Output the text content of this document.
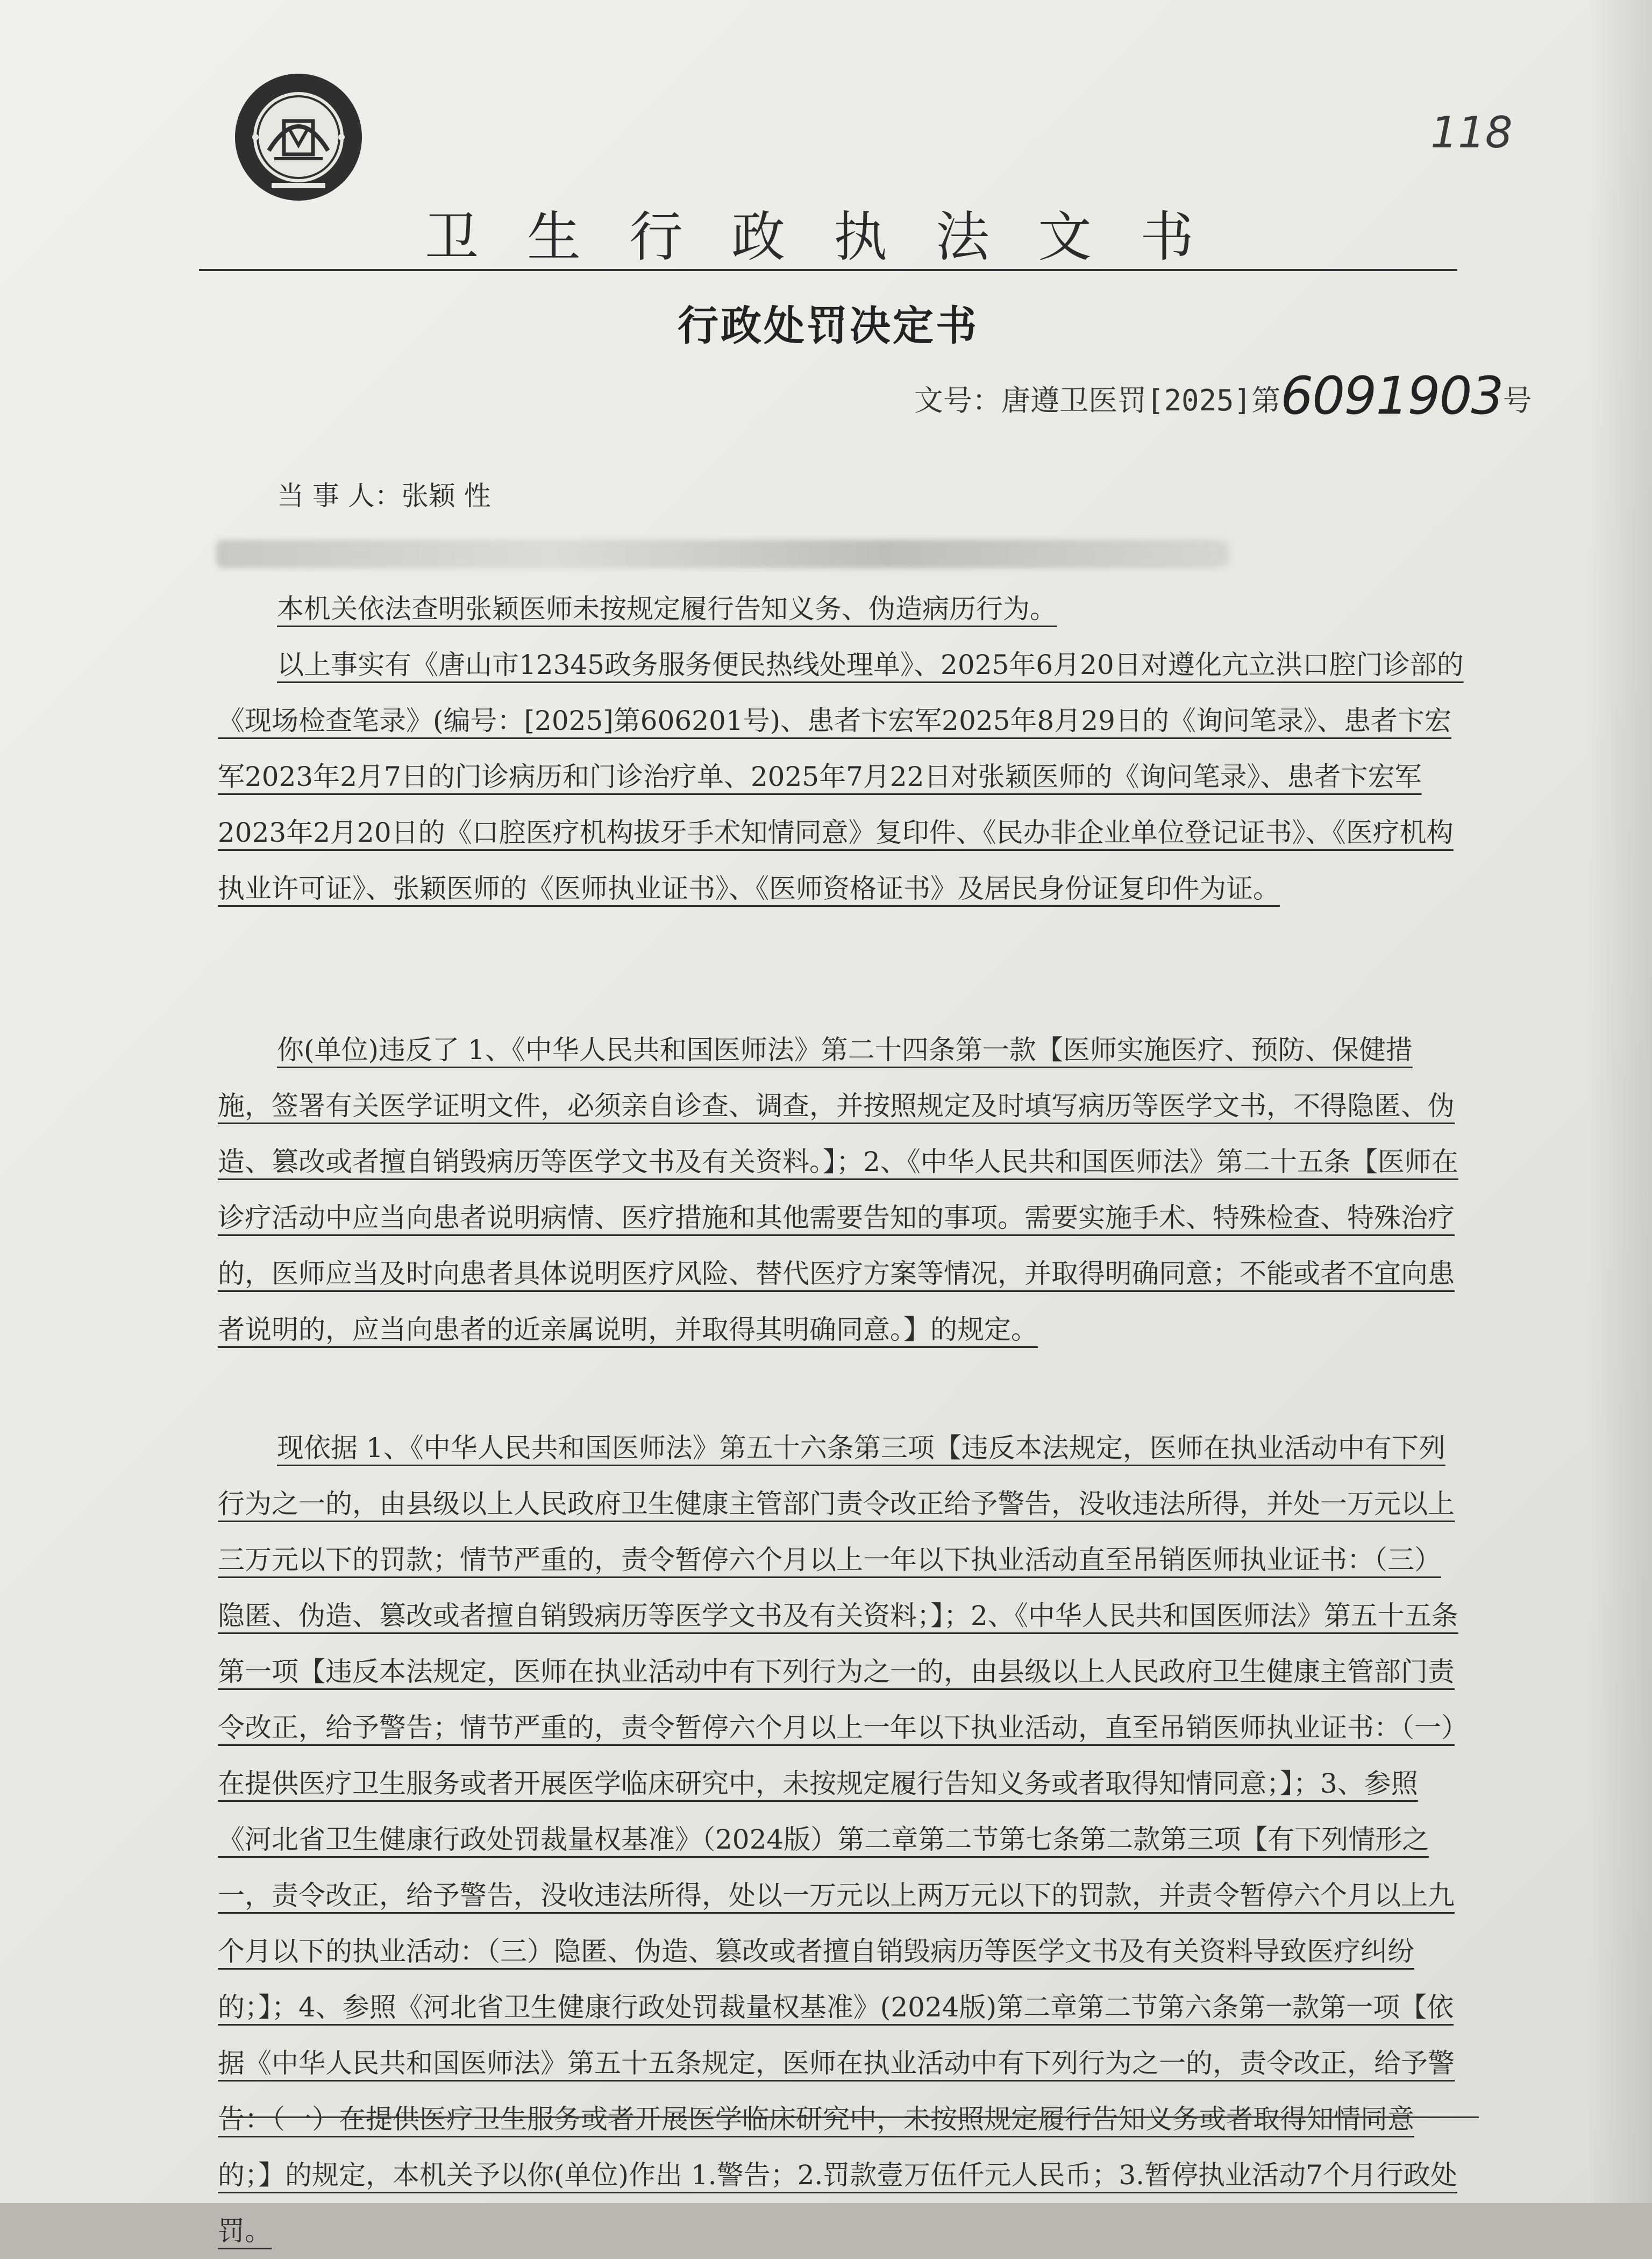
118
卫生行政执法文书
行政处罚决定书
文号：唐遵卫医罚[2025]第6091903号
当 事 人：张颖 性

本机关依法查明张颖医师未按规定履行告知义务、伪造病历行为。

以上事实有《唐山市12345政务服务便民热线处理单》、2025年6月20日对遵化亢立洪口腔门诊部的《现场检查笔录》(编号：[2025]第606201号)、患者卞宏军2025年8月29日的《询问笔录》、患者卞宏军2023年2月7日的门诊病历和门诊治疗单、2025年7月22日对张颖医师的《询问笔录》、患者卞宏军2023年2月20日的《口腔医疗机构拔牙手术知情同意》复印件、《民办非企业单位登记证书》、《医疗机构执业许可证》、张颖医师的《医师执业证书》、《医师资格证书》及居民身份证复印件为证。

你(单位)违反了 1、《中华人民共和国医师法》第二十四条第一款【医师实施医疗、预防、保健措施，签署有关医学证明文件，必须亲自诊查、调查，并按照规定及时填写病历等医学文书，不得隐匿、伪造、篡改或者擅自销毁病历等医学文书及有关资料。】；2、《中华人民共和国医师法》第二十五条【医师在诊疗活动中应当向患者说明病情、医疗措施和其他需要告知的事项。需要实施手术、特殊检查、特殊治疗的，医师应当及时向患者具体说明医疗风险、替代医疗方案等情况，并取得明确同意；不能或者不宜向患者说明的，应当向患者的近亲属说明，并取得其明确同意。】的规定。

现依据 1、《中华人民共和国医师法》第五十六条第三项【违反本法规定，医师在执业活动中有下列行为之一的，由县级以上人民政府卫生健康主管部门责令改正给予警告，没收违法所得，并处一万元以上三万元以下的罚款；情节严重的，责令暂停六个月以上一年以下执业活动直至吊销医师执业证书：（三）隐匿、伪造、篡改或者擅自销毁病历等医学文书及有关资料；】；2、《中华人民共和国医师法》第五十五条第一项【违反本法规定，医师在执业活动中有下列行为之一的，由县级以上人民政府卫生健康主管部门责令改正，给予警告；情节严重的，责令暂停六个月以上一年以下执业活动，直至吊销医师执业证书：（一）在提供医疗卫生服务或者开展医学临床研究中，未按规定履行告知义务或者取得知情同意；】；3、参照《河北省卫生健康行政处罚裁量权基准》（2024版）第二章第二节第七条第二款第三项【有下列情形之一，责令改正，给予警告，没收违法所得，处以一万元以上两万元以下的罚款，并责令暂停六个月以上九个月以下的执业活动：（三）隐匿、伪造、篡改或者擅自销毁病历等医学文书及有关资料导致医疗纠纷的；】；4、参照《河北省卫生健康行政处罚裁量权基准》(2024版)第二章第二节第六条第一款第一项【依据《中华人民共和国医师法》第五十五条规定，医师在执业活动中有下列行为之一的，责令改正，给予警告：（一）在提供医疗卫生服务或者开展医学临床研究中，未按照规定履行告知义务或者取得知情同意的；】的规定，本机关予以你(单位)作出 1.警告；2.罚款壹万伍仟元人民币；3.暂停执业活动7个月行政处罚。
